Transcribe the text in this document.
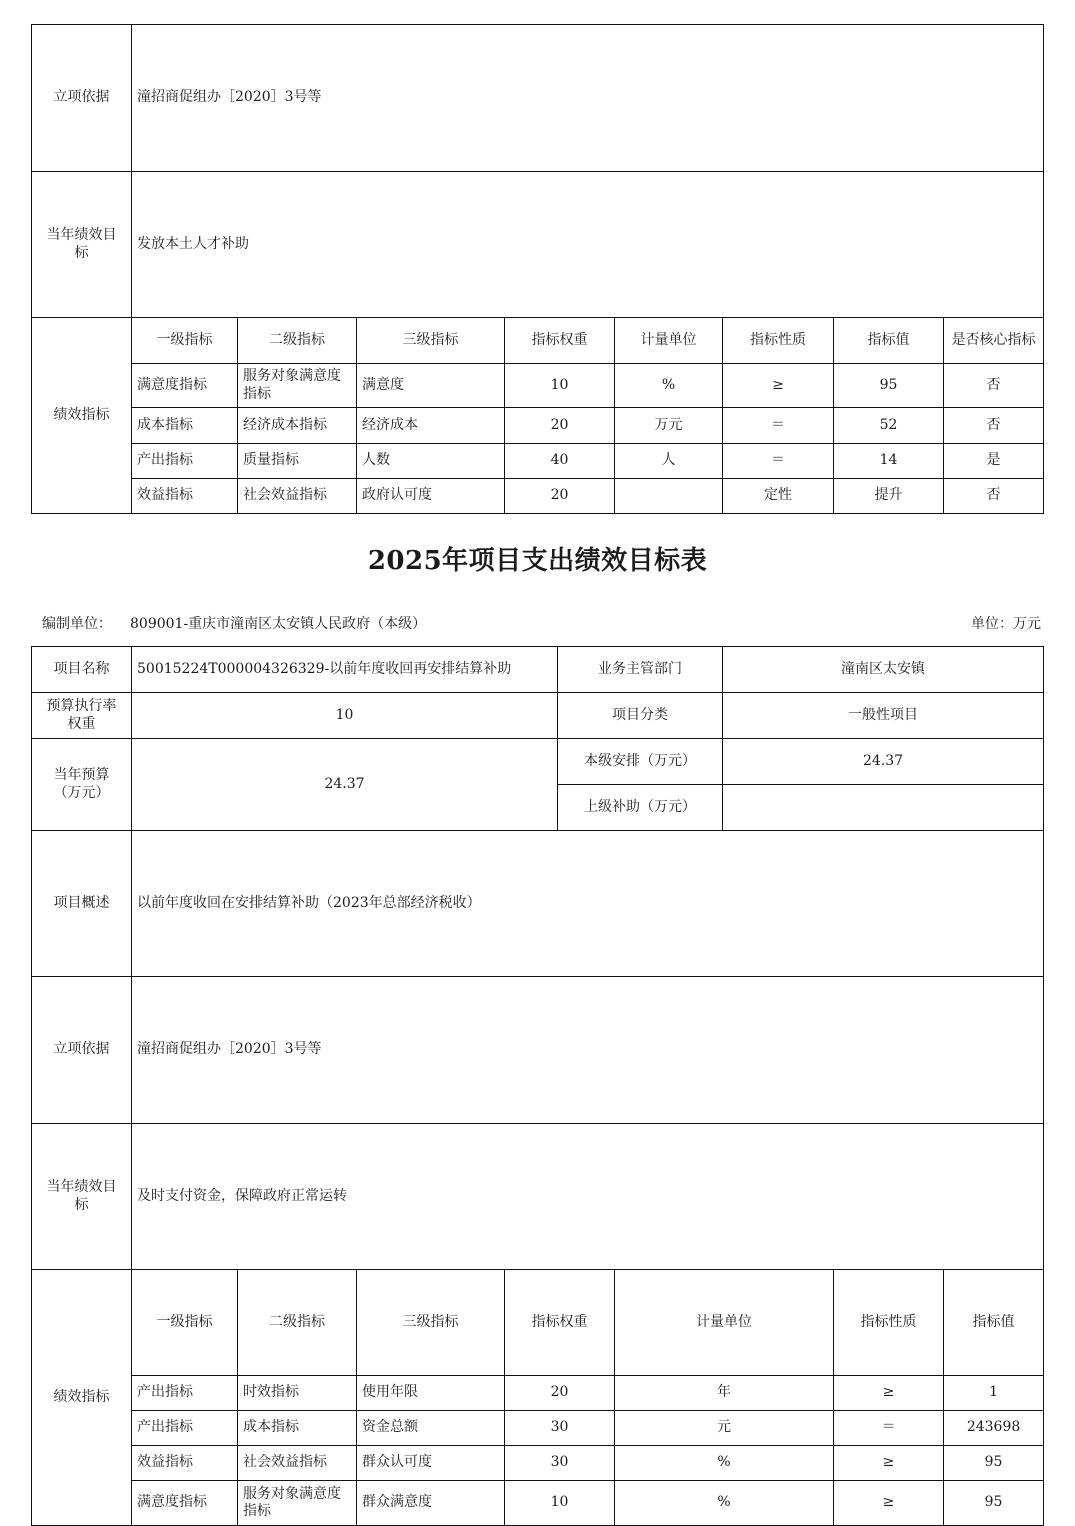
立项依据	潼招商促组办［2020］3号等							
当年绩效目标	发放本土人才补助							
绩效指标	一级指标	二级指标	三级指标	指标权重	计量单位	指标性质	指标值	是否核心指标
	满意度指标	服务对象满意度指标	满意度	10	%	≥	95	否
	成本指标	经济成本指标	经济成本	20	万元	＝	52	否
	产出指标	质量指标	人数	40	人	＝	14	是
	效益指标	社会效益指标	政府认可度	20		定性	提升	否
2025年项目支出绩效目标表
编制单位： 809001-重庆市潼南区太安镇人民政府（本级）	单位：万元
项目名称	50015224T000004326329-以前年度收回再安排结算补助				业务主管部门		潼南区太安镇			
预算执行率权重	10				项目分类		一般性项目			
当年预算（万元）	24.37				本级安排（万元）		24.37			
					上级补助（万元）					
项目概述	以前年度收回在安排结算补助（2023年总部经济税收）									
立项依据	潼招商促组办［2020］3号等									
当年绩效目标	及时支付资金，保障政府正常运转									
绩效指标	一级指标	二级指标	三级指标	指标权重		计量单位		指标性质	指标值	
	产出指标	时效指标	使用年限	20		年		≥	1	
	产出指标	成本指标	资金总额	30		元		＝	243698	
	效益指标	社会效益指标	群众认可度	30		%		≥	95	
	满意度指标	服务对象满意度指标	群众满意度	10		%		≥	95	
